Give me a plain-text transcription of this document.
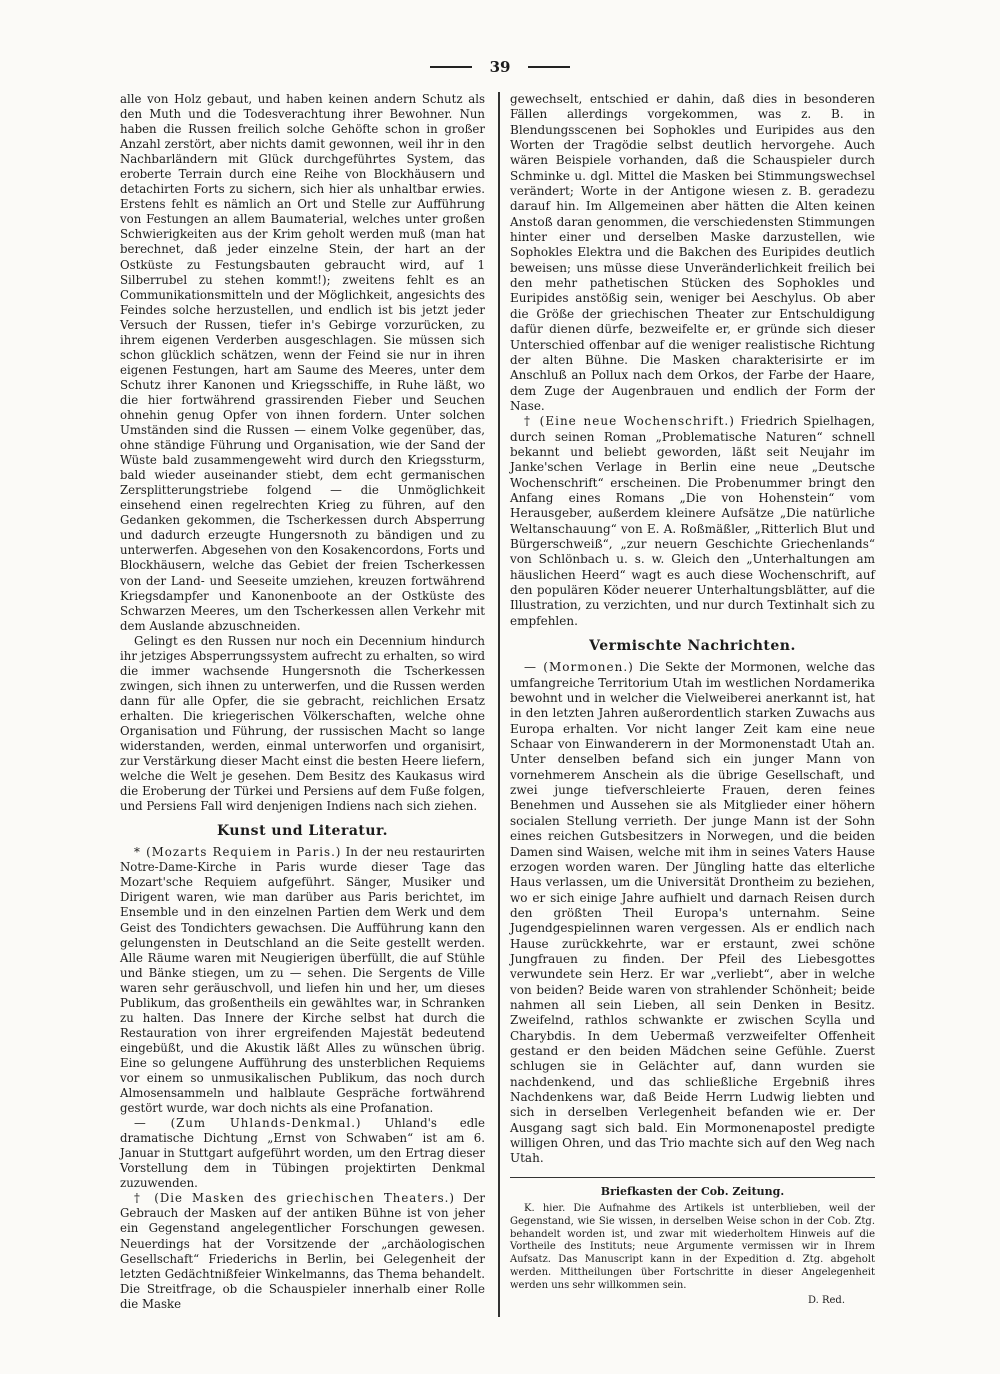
39

alle von Holz gebaut, und haben keinen andern Schutz als den Muth und die Todesverachtung ihrer Bewohner. Nun haben die Russen freilich solche Gehöfte schon in großer Anzahl zerstört, aber nichts damit gewonnen, weil ihr in den Nachbarländern mit Glück durchgeführtes System, das eroberte Terrain durch eine Reihe von Blockhäusern und detachirten Forts zu sichern, sich hier als unhaltbar erwies. Erstens fehlt es nämlich an Ort und Stelle zur Aufführung von Festungen an allem Baumaterial, welches unter großen Schwierigkeiten aus der Krim geholt werden muß (man hat berechnet, daß jeder einzelne Stein, der hart an der Ostküste zu Festungsbauten gebraucht wird, auf 1 Silberrubel zu stehen kommt!); zweitens fehlt es an Communikationsmitteln und der Möglichkeit, angesichts des Feindes solche herzustellen, und endlich ist bis jetzt jeder Versuch der Russen, tiefer in's Gebirge vorzurücken, zu ihrem eigenen Verderben ausgeschlagen. Sie müssen sich schon glücklich schätzen, wenn der Feind sie nur in ihren eigenen Festungen, hart am Saume des Meeres, unter dem Schutz ihrer Kanonen und Kriegsschiffe, in Ruhe läßt, wo die hier fortwährend grassirenden Fieber und Seuchen ohnehin genug Opfer von ihnen fordern. Unter solchen Umständen sind die Russen — einem Volke gegenüber, das, ohne ständige Führung und Organisation, wie der Sand der Wüste bald zusammengeweht wird durch den Kriegssturm, bald wieder auseinander stiebt, dem echt germanischen Zersplitterungstriebe folgend — die Unmöglichkeit einsehend einen regelrechten Krieg zu führen, auf den Gedanken gekommen, die Tscherkessen durch Absperrung und dadurch erzeugte Hungersnoth zu bändigen und zu unterwerfen. Abgesehen von den Kosakencordons, Forts und Blockhäusern, welche das Gebiet der freien Tscherkessen von der Land- und Seeseite umziehen, kreuzen fortwährend Kriegsdampfer und Kanonenboote an der Ostküste des Schwarzen Meeres, um den Tscherkessen allen Verkehr mit dem Auslande abzuschneiden.

Gelingt es den Russen nur noch ein Decennium hindurch ihr jetziges Absperrungssystem aufrecht zu erhalten, so wird die immer wachsende Hungersnoth die Tscherkessen zwingen, sich ihnen zu unterwerfen, und die Russen werden dann für alle Opfer, die sie gebracht, reichlichen Ersatz erhalten. Die kriegerischen Völkerschaften, welche ohne Organisation und Führung, der russischen Macht so lange widerstanden, werden, einmal unterworfen und organisirt, zur Verstärkung dieser Macht einst die besten Heere liefern, welche die Welt je gesehen. Dem Besitz des Kaukasus wird die Eroberung der Türkei und Persiens auf dem Fuße folgen, und Persiens Fall wird denjenigen Indiens nach sich ziehen.

Kunst und Literatur.

* (Mozarts Requiem in Paris.) In der neu restaurirten Notre-Dame-Kirche in Paris wurde dieser Tage das Mozart'sche Requiem aufgeführt. Sänger, Musiker und Dirigent waren, wie man darüber aus Paris berichtet, im Ensemble und in den einzelnen Partien dem Werk und dem Geist des Tondichters gewachsen. Die Aufführung kann den gelungensten in Deutschland an die Seite gestellt werden. Alle Räume waren mit Neugierigen überfüllt, die auf Stühle und Bänke stiegen, um zu — sehen. Die Sergents de Ville waren sehr geräuschvoll, und liefen hin und her, um dieses Publikum, das großentheils ein gewähltes war, in Schranken zu halten. Das Innere der Kirche selbst hat durch die Restauration von ihrer ergreifenden Majestät bedeutend eingebüßt, und die Akustik läßt Alles zu wünschen übrig. Eine so gelungene Aufführung des unsterblichen Requiems vor einem so unmusikalischen Publikum, das noch durch Almosensammeln und halblaute Gespräche fortwährend gestört wurde, war doch nichts als eine Profanation.

— (Zum Uhlands-Denkmal.) Uhland's edle dramatische Dichtung „Ernst von Schwaben“ ist am 6. Januar in Stuttgart aufgeführt worden, um den Ertrag dieser Vorstellung dem in Tübingen projektirten Denkmal zuzuwenden.

† (Die Masken des griechischen Theaters.) Der Gebrauch der Masken auf der antiken Bühne ist von jeher ein Gegenstand angelegentlicher Forschungen gewesen. Neuerdings hat der Vorsitzende der „archäologischen Gesellschaft“ Friederichs in Berlin, bei Gelegenheit der letzten Gedächtnißfeier Winkelmanns, das Thema behandelt. Die Streitfrage, ob die Schauspieler innerhalb einer Rolle die Maske

gewechselt, entschied er dahin, daß dies in besonderen Fällen allerdings vorgekommen, was z. B. in Blendungsscenen bei Sophokles und Euripides aus den Worten der Tragödie selbst deutlich hervorgehe. Auch wären Beispiele vorhanden, daß die Schauspieler durch Schminke u. dgl. Mittel die Masken bei Stimmungswechsel verändert; Worte in der Antigone wiesen z. B. geradezu darauf hin. Im Allgemeinen aber hätten die Alten keinen Anstoß daran genommen, die verschiedensten Stimmungen hinter einer und derselben Maske darzustellen, wie Sophokles Elektra und die Bakchen des Euripides deutlich beweisen; uns müsse diese Unveränderlichkeit freilich bei den mehr pathetischen Stücken des Sophokles und Euripides anstößig sein, weniger bei Aeschylus. Ob aber die Größe der griechischen Theater zur Entschuldigung dafür dienen dürfe, bezweifelte er, er gründe sich dieser Unterschied offenbar auf die weniger realistische Richtung der alten Bühne. Die Masken charakterisirte er im Anschluß an Pollux nach dem Orkos, der Farbe der Haare, dem Zuge der Augenbrauen und endlich der Form der Nase.

† (Eine neue Wochenschrift.) Friedrich Spielhagen, durch seinen Roman „Problematische Naturen“ schnell bekannt und beliebt geworden, läßt seit Neujahr im Janke'schen Verlage in Berlin eine neue „Deutsche Wochenschrift“ erscheinen. Die Probenummer bringt den Anfang eines Romans „Die von Hohenstein“ vom Herausgeber, außerdem kleinere Aufsätze „Die natürliche Weltanschauung“ von E. A. Roßmäßler, „Ritterlich Blut und Bürgerschweiß“, „zur neuern Geschichte Griechenlands“ von Schlönbach u. s. w. Gleich den „Unterhaltungen am häuslichen Heerd“ wagt es auch diese Wochenschrift, auf den populären Köder neuerer Unterhaltungsblätter, auf die Illustration, zu verzichten, und nur durch Textinhalt sich zu empfehlen.

Vermischte Nachrichten.

— (Mormonen.) Die Sekte der Mormonen, welche das umfangreiche Territorium Utah im westlichen Nordamerika bewohnt und in welcher die Vielweiberei anerkannt ist, hat in den letzten Jahren außerordentlich starken Zuwachs aus Europa erhalten. Vor nicht langer Zeit kam eine neue Schaar von Einwanderern in der Mormonenstadt Utah an. Unter denselben befand sich ein junger Mann von vornehmerem Anschein als die übrige Gesellschaft, und zwei junge tiefverschleierte Frauen, deren feines Benehmen und Aussehen sie als Mitglieder einer höhern socialen Stellung verrieth. Der junge Mann ist der Sohn eines reichen Gutsbesitzers in Norwegen, und die beiden Damen sind Waisen, welche mit ihm in seines Vaters Hause erzogen worden waren. Der Jüngling hatte das elterliche Haus verlassen, um die Universität Drontheim zu beziehen, wo er sich einige Jahre aufhielt und darnach Reisen durch den größten Theil Europa's unternahm. Seine Jugendgespielinnen waren vergessen. Als er endlich nach Hause zurückkehrte, war er erstaunt, zwei schöne Jungfrauen zu finden. Der Pfeil des Liebesgottes verwundete sein Herz. Er war „verliebt“, aber in welche von beiden? Beide waren von strahlender Schönheit; beide nahmen all sein Lieben, all sein Denken in Besitz. Zweifelnd, rathlos schwankte er zwischen Scylla und Charybdis. In dem Uebermaß verzweifelter Offenheit gestand er den beiden Mädchen seine Gefühle. Zuerst schlugen sie in Gelächter auf, dann wurden sie nachdenkend, und das schließliche Ergebniß ihres Nachdenkens war, daß Beide Herrn Ludwig liebten und sich in derselben Verlegenheit befanden wie er. Der Ausgang sagt sich bald. Ein Mormonenapostel predigte willigen Ohren, und das Trio machte sich auf den Weg nach Utah.

Briefkasten der Cob. Zeitung.
K. hier. Die Aufnahme des Artikels ist unterblieben, weil der Gegenstand, wie Sie wissen, in derselben Weise schon in der Cob. Ztg. behandelt worden ist, und zwar mit wiederholtem Hinweis auf die Vortheile des Instituts; neue Argumente vermissen wir in Ihrem Aufsatz. Das Manuscript kann in der Expedition d. Ztg. abgeholt werden. Mittheilungen über Fortschritte in dieser Angelegenheit werden uns sehr willkommen sein.
D. Red.
